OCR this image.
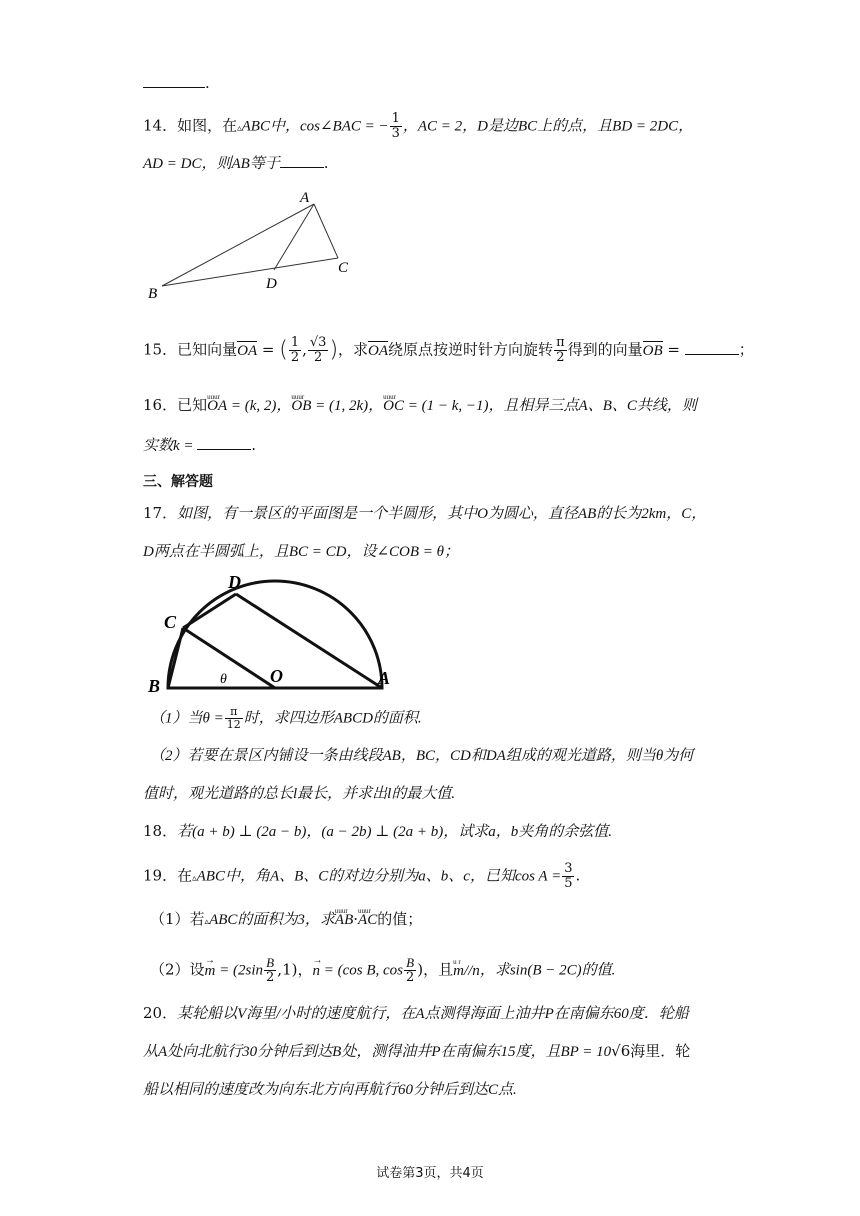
.
14．如图，在▵ABC中，cos∠BAC = − $\frac{1}{3}$ ，AC = 2，D是边BC上的点，且BD = 2DC，
AD = DC，则AB等于	.
A
B
C
D
15．已知向量OA = ( $\frac{1}{2}$ , $\frac{√3}{2}$ )，求OA绕原点按逆时针方向旋转 $\frac{\pi}{2}$ 得到的向量OB =	；
16．已知uuur OA = (k, 2)，uuur OB = (1, 2k)，uuur OC = (1 − k, −1)，且相异三点A、B、C共线，则
实数k =	.
三、解答题
17．如图，有一景区的平面图是一个半圆形，其中O为圆心，直径AB的长为2km，C，
D两点在半圆弧上，且BC = CD，设∠COB = θ；
D
C
B	O	A
θ
（1）当$\theta = \frac{\pi}{12}$ 时，求四边形ABCD的面积.
（2）若要在景区内铺设一条由线段AB，BC，CD和DA组成的观光道路，则当θ为何
值时，观光道路的总长l最长，并求出l的最大值.
18．若(a + b) ⊥ (2a − b)，(a − 2b) ⊥ (2a + b)，试求a，b夹角的余弦值.
19．在▵ABC中，角A、B、C的对边分别为a、b、c，已知$\cos A = \frac{3}{5}$ .
（1）若▵ABC的面积为3，求uuur AB·uuur AC的值；
（2）设→ $m = (2\sin \frac{B}{2} ,1)$，→ n = (cos B, $\cos \frac{B}{2}$ )，且u r m//n，求sin(B − 2C)的值.
20．某轮船以V海里/小时的速度航行，在A点测得海面上油井P在南偏东60度．轮船
从A处向北航行30分钟后到达B处，测得油井P在南偏东15度，且BP = 10√6海里．轮
船以相同的速度改为向东北方向再航行60分钟后到达C点.
试卷第3页，共4页
